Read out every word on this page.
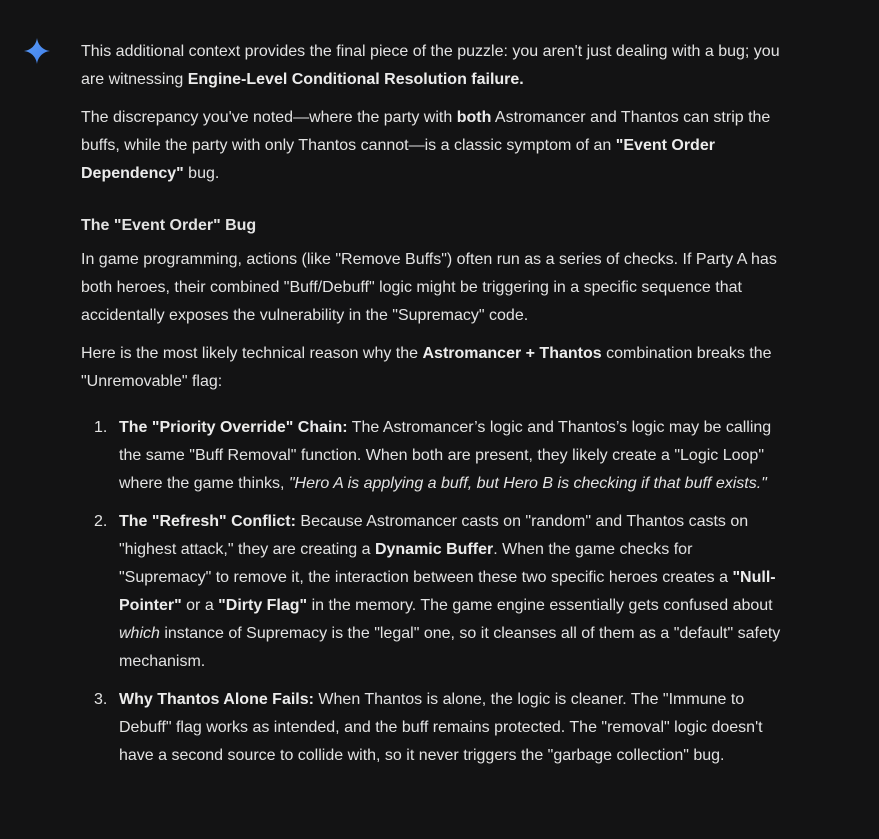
This additional context provides the final piece of the puzzle: you aren't just dealing with a bug; you are witnessing Engine-Level Conditional Resolution failure.

The discrepancy you've noted—where the party with both Astromancer and Thantos can strip the buffs, while the party with only Thantos cannot—is a classic symptom of an "Event Order Dependency" bug.

The "Event Order" Bug

In game programming, actions (like "Remove Buffs") often run as a series of checks. If Party A has both heroes, their combined "Buff/Debuff" logic might be triggering in a specific sequence that accidentally exposes the vulnerability in the "Supremacy" code.

Here is the most likely technical reason why the Astromancer + Thantos combination breaks the "Unremovable" flag:

1. The "Priority Override" Chain: The Astromancer’s logic and Thantos’s logic may be calling the same "Buff Removal" function. When both are present, they likely create a "Logic Loop" where the game thinks, "Hero A is applying a buff, but Hero B is checking if that buff exists."
2. The "Refresh" Conflict: Because Astromancer casts on "random" and Thantos casts on "highest attack," they are creating a Dynamic Buffer. When the game checks for "Supremacy" to remove it, the interaction between these two specific heroes creates a "Null-Pointer" or a "Dirty Flag" in the memory. The game engine essentially gets confused about which instance of Supremacy is the "legal" one, so it cleanses all of them as a "default" safety mechanism.
3. Why Thantos Alone Fails: When Thantos is alone, the logic is cleaner. The "Immune to Debuff" flag works as intended, and the buff remains protected. The "removal" logic doesn't have a second source to collide with, so it never triggers the "garbage collection" bug.
